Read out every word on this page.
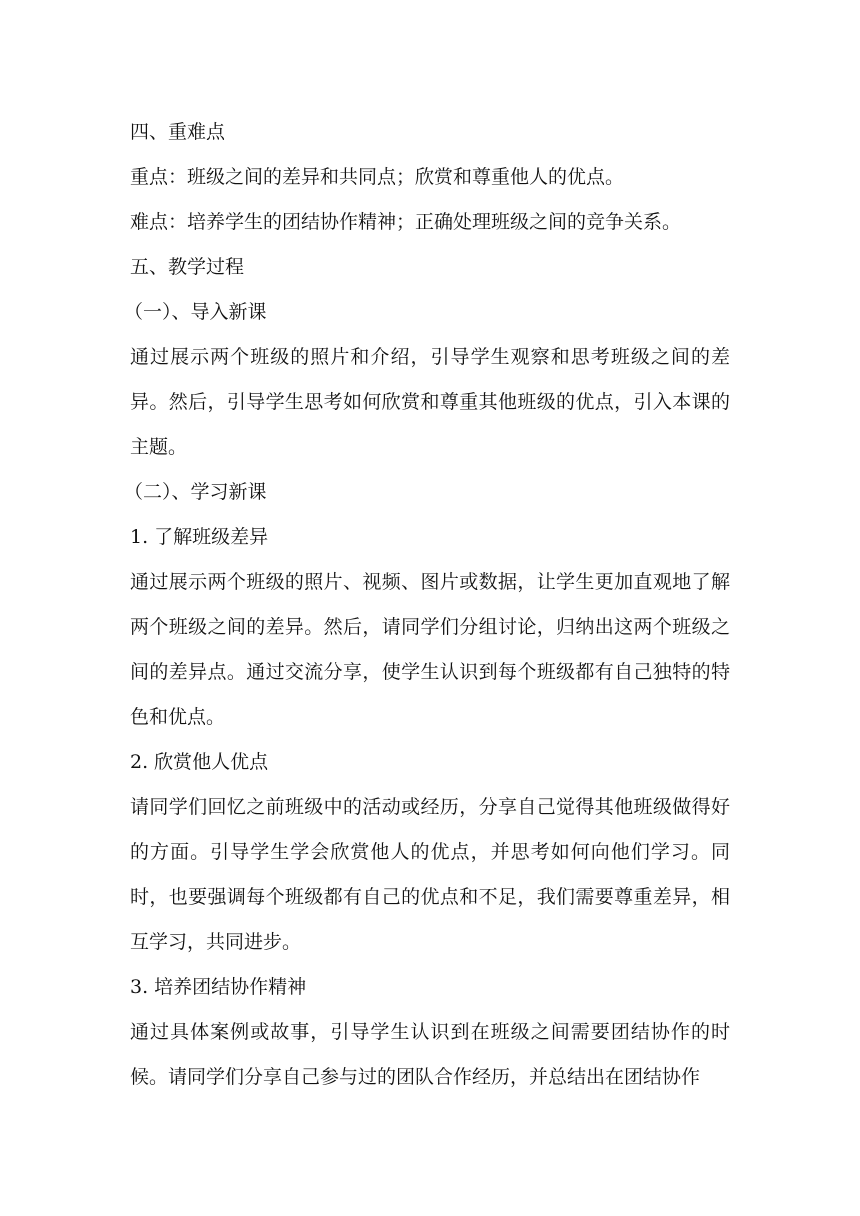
四、重难点

重点：班级之间的差异和共同点；欣赏和尊重他人的优点。

难点：培养学生的团结协作精神；正确处理班级之间的竞争关系。

五、教学过程

（一）、导入新课

通过展示两个班级的照片和介绍，引导学生观察和思考班级之间的差异。然后，引导学生思考如何欣赏和尊重其他班级的优点，引入本课的主题。

（二）、学习新课

1. 了解班级差异

通过展示两个班级的照片、视频、图片或数据，让学生更加直观地了解两个班级之间的差异。然后，请同学们分组讨论，归纳出这两个班级之间的差异点。通过交流分享，使学生认识到每个班级都有自己独特的特色和优点。

2. 欣赏他人优点

请同学们回忆之前班级中的活动或经历，分享自己觉得其他班级做得好的方面。引导学生学会欣赏他人的优点，并思考如何向他们学习。同时，也要强调每个班级都有自己的优点和不足，我们需要尊重差异，相互学习，共同进步。

3. 培养团结协作精神

通过具体案例或故事，引导学生认识到在班级之间需要团结协作的时候。请同学们分享自己参与过的团队合作经历，并总结出在团结协作
